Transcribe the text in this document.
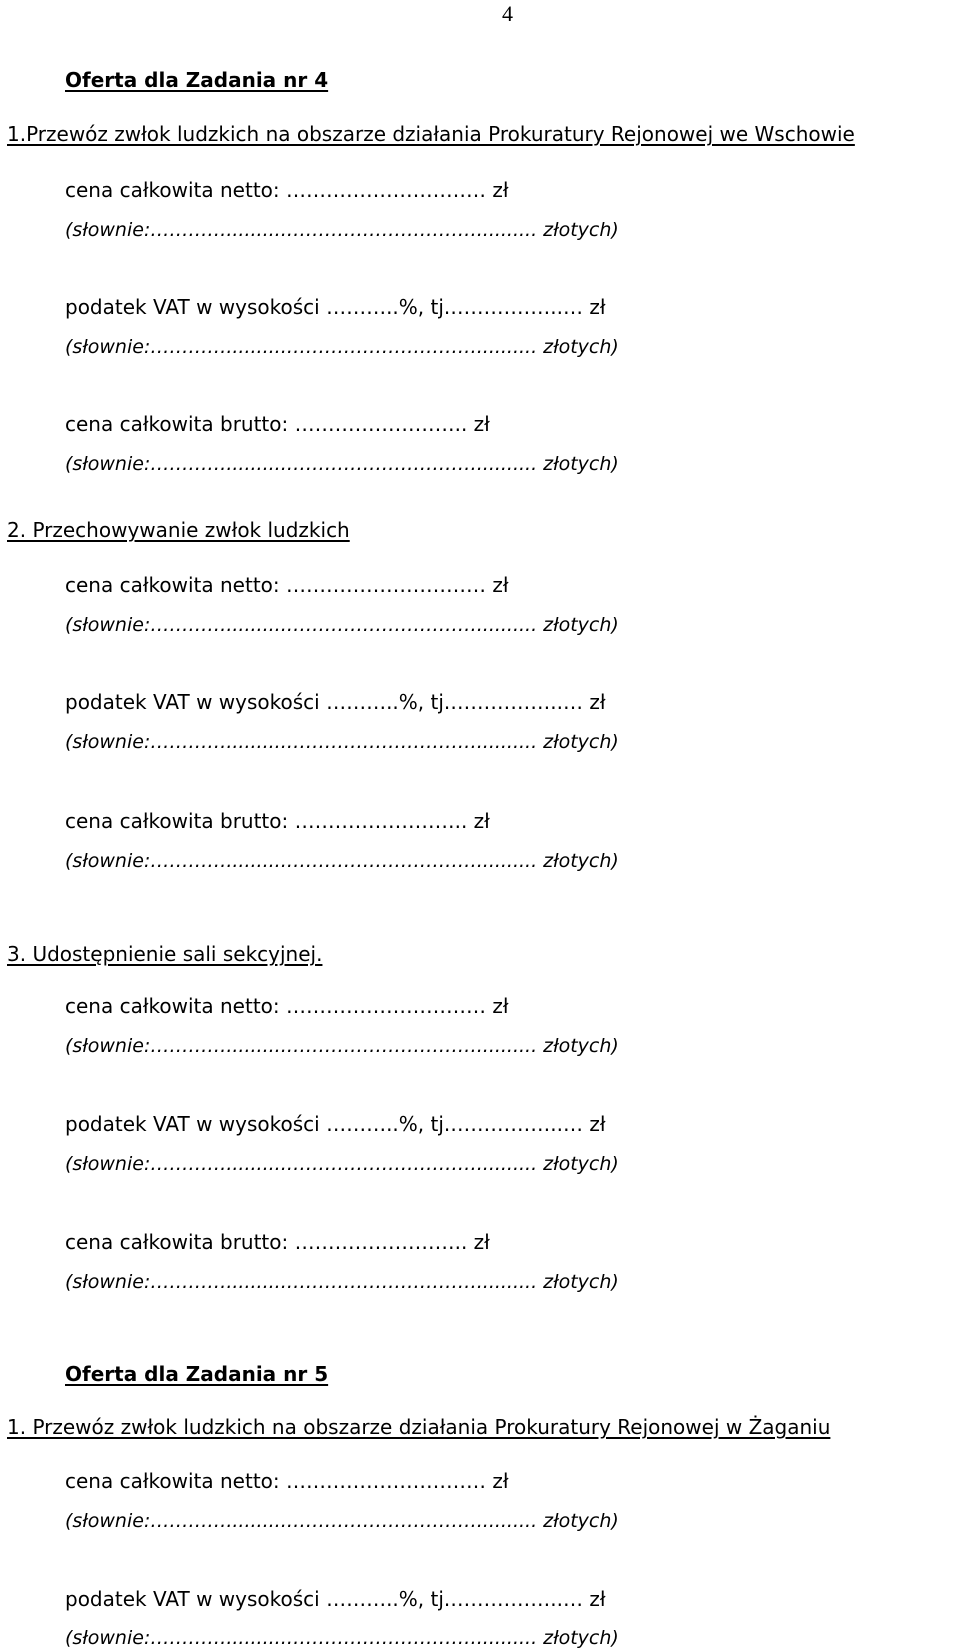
4
Oferta dla Zadania nr 4
1.Przewóz zwłok ludzkich na obszarze działania Prokuratury Rejonowej we Wschowie
cena całkowita netto: ………………………… zł
(słownie:…………..........………………………….......... złotych)
podatek VAT w wysokości ………..%, tj.……………..… zł
(słownie:…………..........………………………….......... złotych)
cena całkowita brutto: …………………….. zł
(słownie:…………..........………………………….......... złotych)
2. Przechowywanie zwłok ludzkich
cena całkowita netto: ………………………… zł
(słownie:…………..........………………………….......... złotych)
podatek VAT w wysokości ………..%, tj.……………..… zł
(słownie:…………..........………………………….......... złotych)
cena całkowita brutto: …………………….. zł
(słownie:…………..........………………………….......... złotych)
3. Udostępnienie sali sekcyjnej.
cena całkowita netto: ………………………… zł
(słownie:…………..........………………………….......... złotych)
podatek VAT w wysokości ………..%, tj.……………..… zł
(słownie:…………..........………………………….......... złotych)
cena całkowita brutto: …………………….. zł
(słownie:…………..........………………………….......... złotych)
Oferta dla Zadania nr 5
1. Przewóz zwłok ludzkich na obszarze działania Prokuratury Rejonowej w Żaganiu
cena całkowita netto: ………………………… zł
(słownie:…………..........………………………….......... złotych)
podatek VAT w wysokości ………..%, tj.……………..… zł
(słownie:…………..........………………………….......... złotych)
